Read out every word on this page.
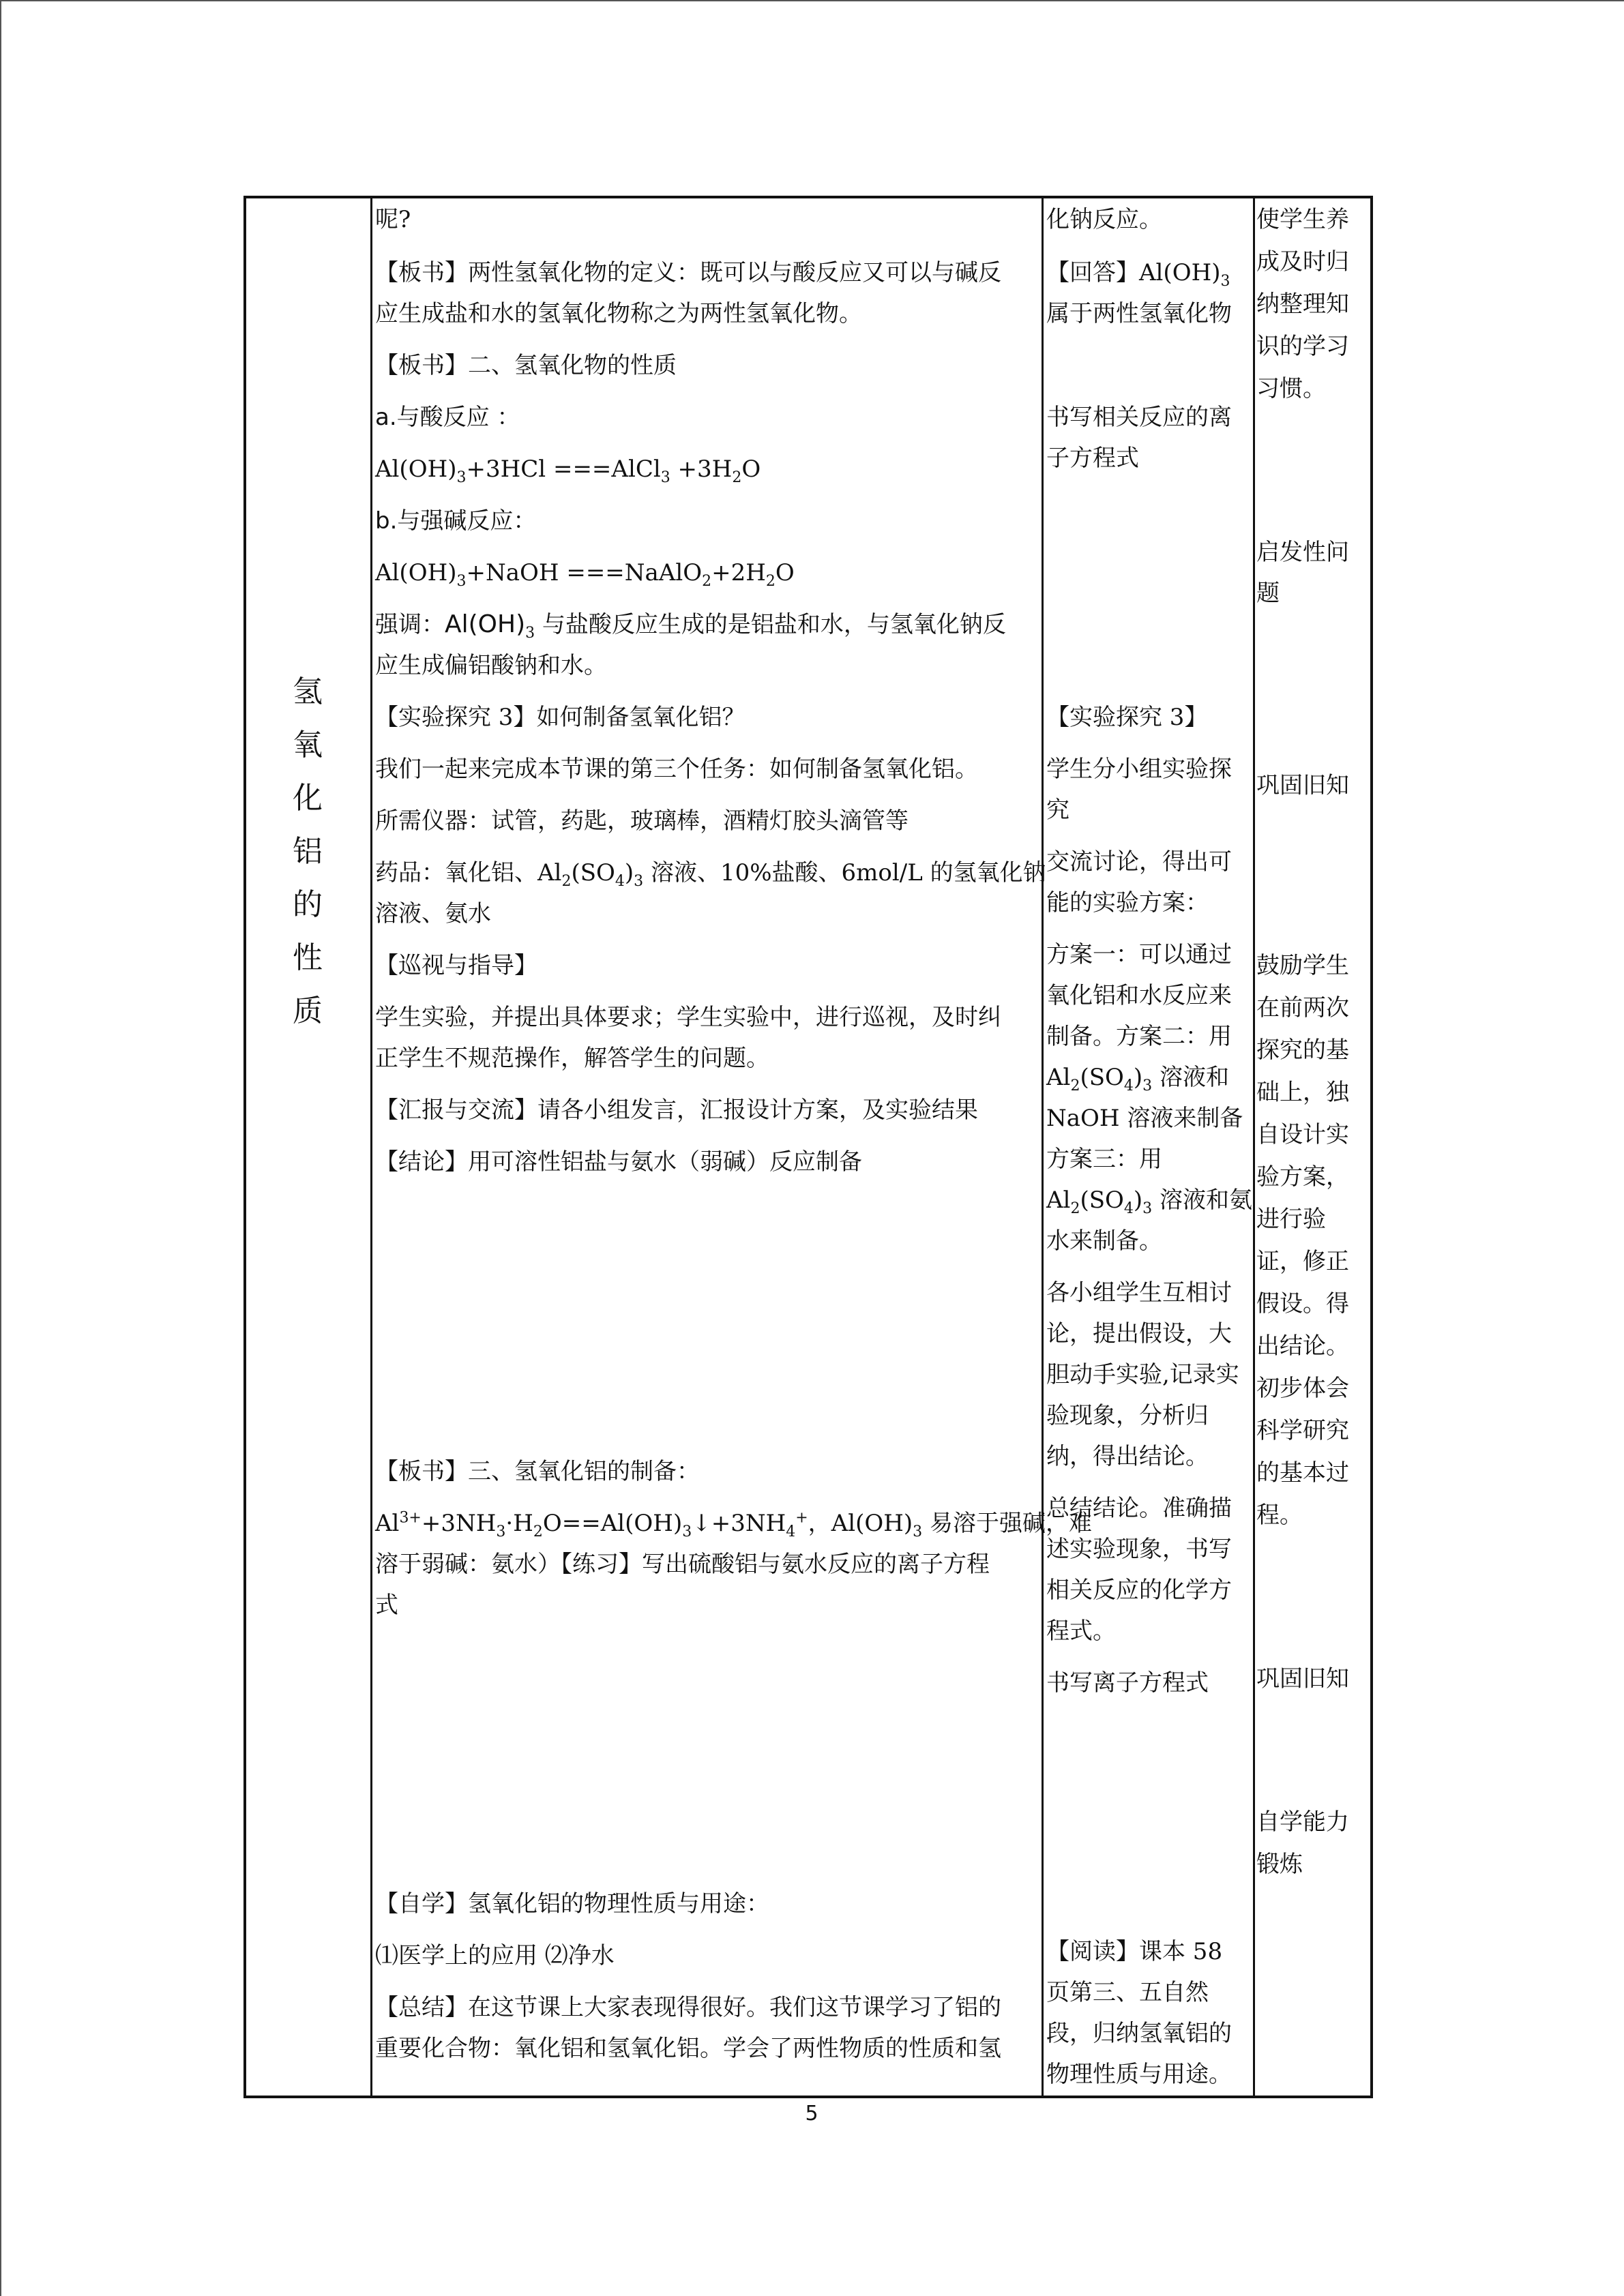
氢
氧
化
铝
的
性
质

呢?

【板书】两性氢氧化物的定义：既可以与酸反应又可以与碱反

应生成盐和水的氢氧化物称之为两性氢氧化物。

【板书】二、氢氧化物的性质

a.与酸反应 ：

$Al(OH)_3+3HCl$ ===AlCl$_3$ $+3H_2O$

b.与强碱反应：

$Al(OH)_3+NaOH$ $===NaAlO_2+2H_2O$

强调：$Al(OH)_3$ 与盐酸反应生成的是铝盐和水，与氢氧化钠反

应生成偏铝酸钠和水。

【实验探究 3】如何制备氢氧化铝？

我们一起来完成本节课的第三个任务：如何制备氢氧化铝。

所需仪器：试管，药匙，玻璃棒，酒精灯胶头滴管等

药品：氧化铝、$Al_2(SO_4)_3$ 溶液、10%盐酸、6mol/L 的氢氧化钠

溶液、氨水

【巡视与指导】

学生实验，并提出具体要求；学生实验中，进行巡视，及时纠

正学生不规范操作，解答学生的问题。

【汇报与交流】请各小组发言，汇报设计方案，及实验结果

【结论】用可溶性铝盐与氨水（弱碱）反应制备

【板书】三、氢氧化铝的制备：

$Al^{3+}+3NH_3\cdot H_2O==Al(OH)_3↓+3NH_4^+$，$Al(OH)_3$ 易溶于强碱，难

溶于弱碱：氨水）【练习】写出硫酸铝与氨水反应的离子方程

式

【自学】氢氧化铝的物理性质与用途：

⑴医学上的应用 ⑵净水

【总结】在这节课上大家表现得很好。我们这节课学习了铝的

重要化合物：氧化铝和氢氧化铝。学会了两性物质的性质和氢

化钠反应。

【回答】$Al(OH)_3$

属于两性氢氧化物

书写相关反应的离

子方程式

【实验探究 3】

学生分小组实验探

究

交流讨论，得出可

能的实验方案：

方案一：可以通过

氧化铝和水反应来

制备。方案二：用

$Al_2(SO_4)_3$ 溶液和

NaOH 溶液来制备

方案三：用

$Al_2(SO_4)_3$ 溶液和氨

水来制备。

各小组学生互相讨

论，提出假设，大

胆动手实验,记录实

验现象，分析归

纳，得出结论。

总结结论。准确描

述实验现象，书写

相关反应的化学方

程式。

书写离子方程式

【阅读】课本 58

页第三、五自然

段，归纳氢氧铝的

物理性质与用途。

使学生养

成及时归

纳整理知

识的学习

习惯。

启发性问

题

巩固旧知

鼓励学生

在前两次

探究的基

础上，独

自设计实

验方案，

进行验

证，修正

假设。得

出结论。

初步体会

科学研究

的基本过

程。

巩固旧知

自学能力

锻炼

5
